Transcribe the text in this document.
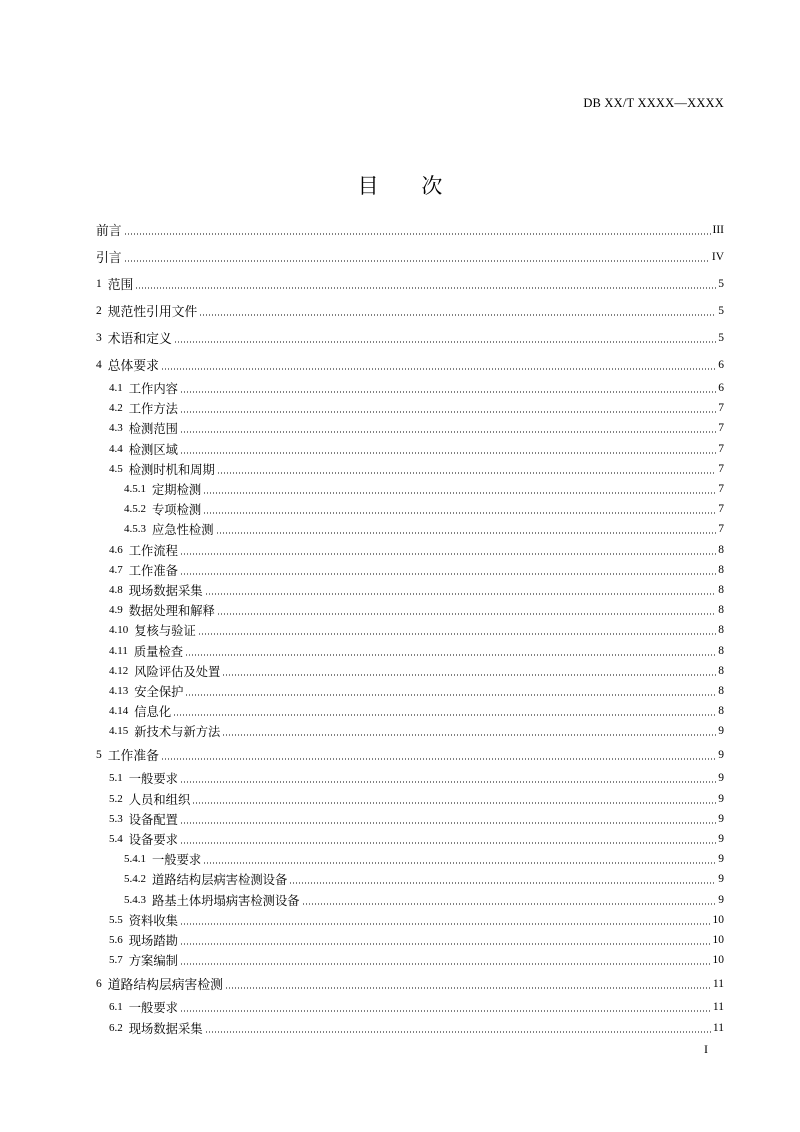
DB XX/T XXXX—XXXX
目 次
前言	III
引言	IV
1 范围	5
2 规范性引用文件	5
3 术语和定义	5
4 总体要求	6
4.1 工作内容	6
4.2 工作方法	7
4.3 检测范围	7
4.4 检测区域	7
4.5 检测时机和周期	7
4.5.1 定期检测	7
4.5.2 专项检测	7
4.5.3 应急性检测	7
4.6 工作流程	8
4.7 工作准备	8
4.8 现场数据采集	8
4.9 数据处理和解释	8
4.10 复核与验证	8
4.11 质量检查	8
4.12 风险评估及处置	8
4.13 安全保护	8
4.14 信息化	8
4.15 新技术与新方法	9
5 工作准备	9
5.1 一般要求	9
5.2 人员和组织	9
5.3 设备配置	9
5.4 设备要求	9
5.4.1 一般要求	9
5.4.2 道路结构层病害检测设备	9
5.4.3 路基土体坍塌病害检测设备	9
5.5 资料收集	10
5.6 现场踏勘	10
5.7 方案编制	10
6 道路结构层病害检测	11
6.1 一般要求	11
6.2 现场数据采集	11
I
